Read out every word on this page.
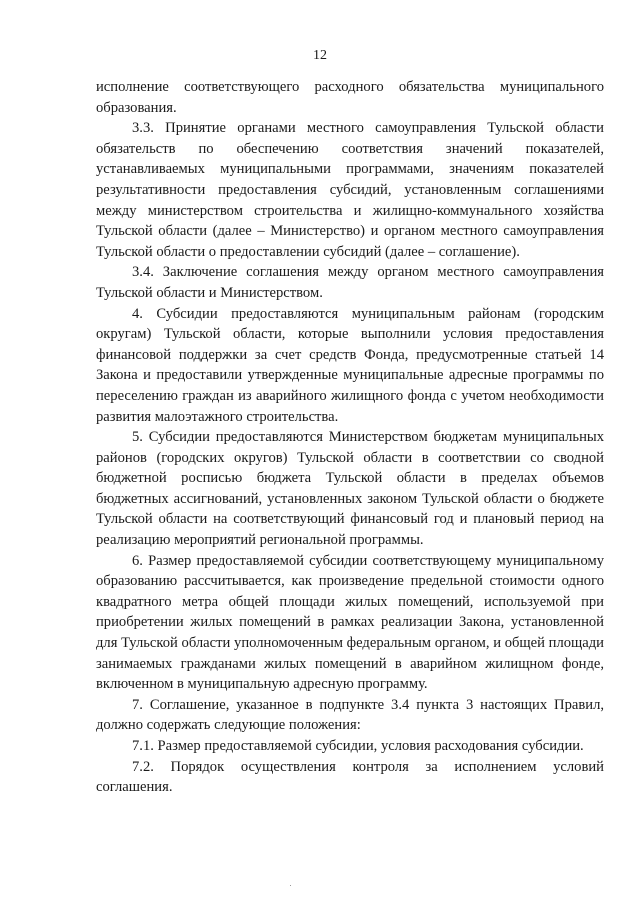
12

исполнение соответствующего расходного обязательства муниципального образования.

3.3. Принятие органами местного самоуправления Тульской области обязательств по обеспечению соответствия значений показателей, устанавливаемых муниципальными программами, значениям показателей результативности предоставления субсидий, установленным соглашениями между министерством строительства и жилищно-коммунального хозяйства Тульской области (далее – Министерство) и органом местного самоуправления Тульской области о предоставлении субсидий (далее – соглашение).

3.4. Заключение соглашения между органом местного самоуправления Тульской области и Министерством.

4. Субсидии предоставляются муниципальным районам (городским округам) Тульской области, которые выполнили условия предоставления финансовой поддержки за счет средств Фонда, предусмотренные статьей 14 Закона и предоставили утвержденные муниципальные адресные программы по переселению граждан из аварийного жилищного фонда с учетом необходимости развития малоэтажного строительства.

5. Субсидии предоставляются Министерством бюджетам муниципальных районов (городских округов) Тульской области в соответствии со сводной бюджетной росписью бюджета Тульской области в пределах объемов бюджетных ассигнований, установленных законом Тульской области о бюджете Тульской области на соответствующий финансовый год и плановый период на реализацию мероприятий региональной программы.

6. Размер предоставляемой субсидии соответствующему муниципальному образованию рассчитывается, как произведение предельной стоимости одного квадратного метра общей площади жилых помещений, используемой при приобретении жилых помещений в рамках реализации Закона, установленной для Тульской области уполномоченным федеральным органом, и общей площади занимаемых гражданами жилых помещений в аварийном жилищном фонде, включенном в муниципальную адресную программу.

7. Соглашение, указанное в подпункте 3.4 пункта 3 настоящих Правил, должно содержать следующие положения:

7.1. Размер предоставляемой субсидии, условия расходования субсидии.

7.2. Порядок осуществления контроля за исполнением условий соглашения.
